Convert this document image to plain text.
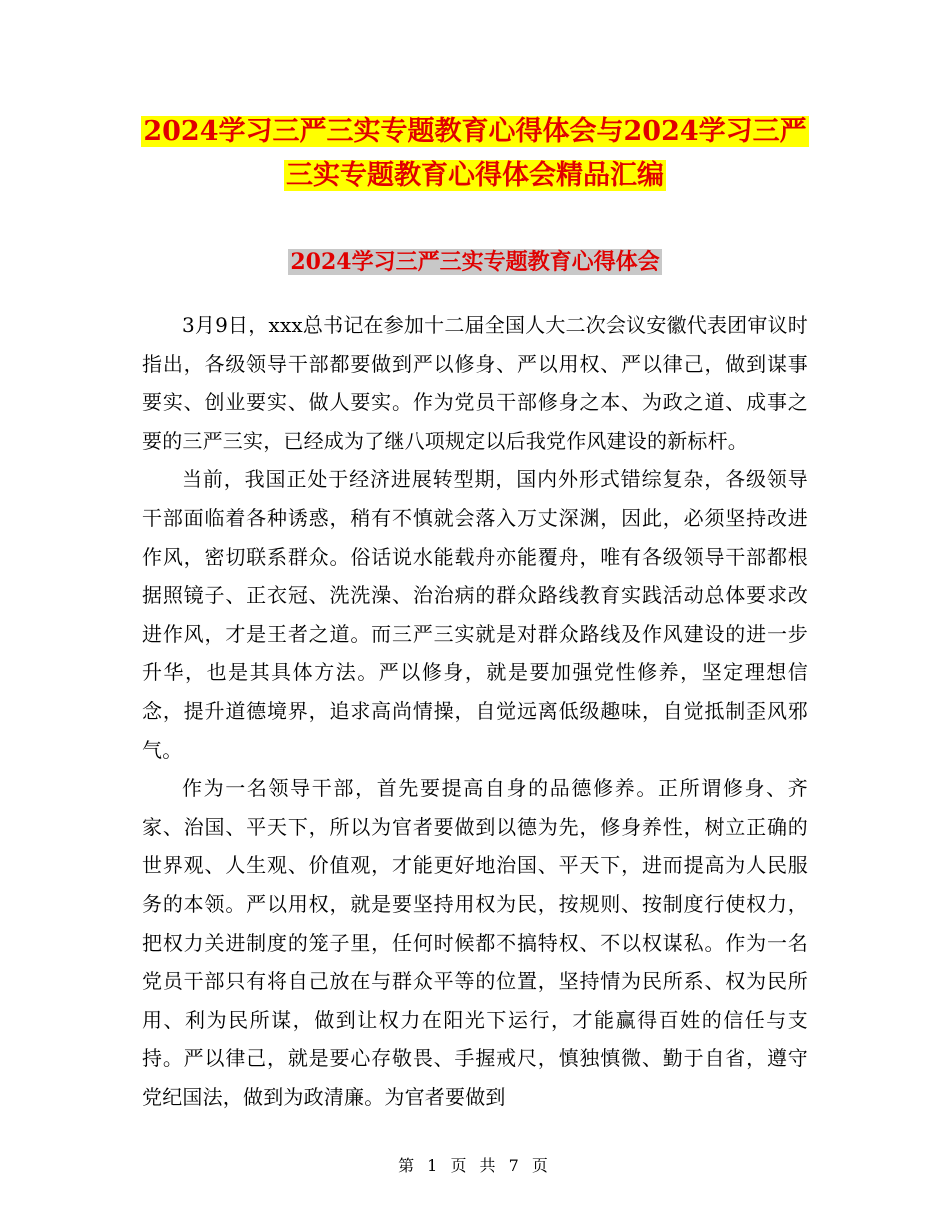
2024学习三严三实专题教育心得体会与2024学习三严
三实专题教育心得体会精品汇编
2024学习三严三实专题教育心得体会

3月9日，xxx总书记在参加十二届全国人大二次会议安徽代表团审议时指出，各级领导干部都要做到严以修身、严以用权、严以律己，做到谋事要实、创业要实、做人要实。作为党员干部修身之本、为政之道、成事之要的三严三实，已经成为了继八项规定以后我党作风建设的新标杆。

当前，我国正处于经济进展转型期，国内外形式错综复杂，各级领导干部面临着各种诱惑，稍有不慎就会落入万丈深渊，因此，必须坚持改进作风，密切联系群众。俗话说水能载舟亦能覆舟，唯有各级领导干部都根据照镜子、正衣冠、洗洗澡、治治病的群众路线教育实践活动总体要求改进作风，才是王者之道。而三严三实就是对群众路线及作风建设的进一步升华，也是其具体方法。严以修身，就是要加强党性修养，坚定理想信念，提升道德境界，追求高尚情操，自觉远离低级趣味，自觉抵制歪风邪气。

作为一名领导干部，首先要提高自身的品德修养。正所谓修身、齐家、治国、平天下，所以为官者要做到以德为先，修身养性，树立正确的世界观、人生观、价值观，才能更好地治国、平天下，进而提高为人民服务的本领。严以用权，就是要坚持用权为民，按规则、按制度行使权力，把权力关进制度的笼子里，任何时候都不搞特权、不以权谋私。作为一名党员干部只有将自己放在与群众平等的位置，坚持情为民所系、权为民所用、利为民所谋，做到让权力在阳光下运行，才能赢得百姓的信任与支持。严以律己，就是要心存敬畏、手握戒尺，慎独慎微、勤于自省，遵守党纪国法，做到为政清廉。为官者要做到

第 1 页 共 7 页
